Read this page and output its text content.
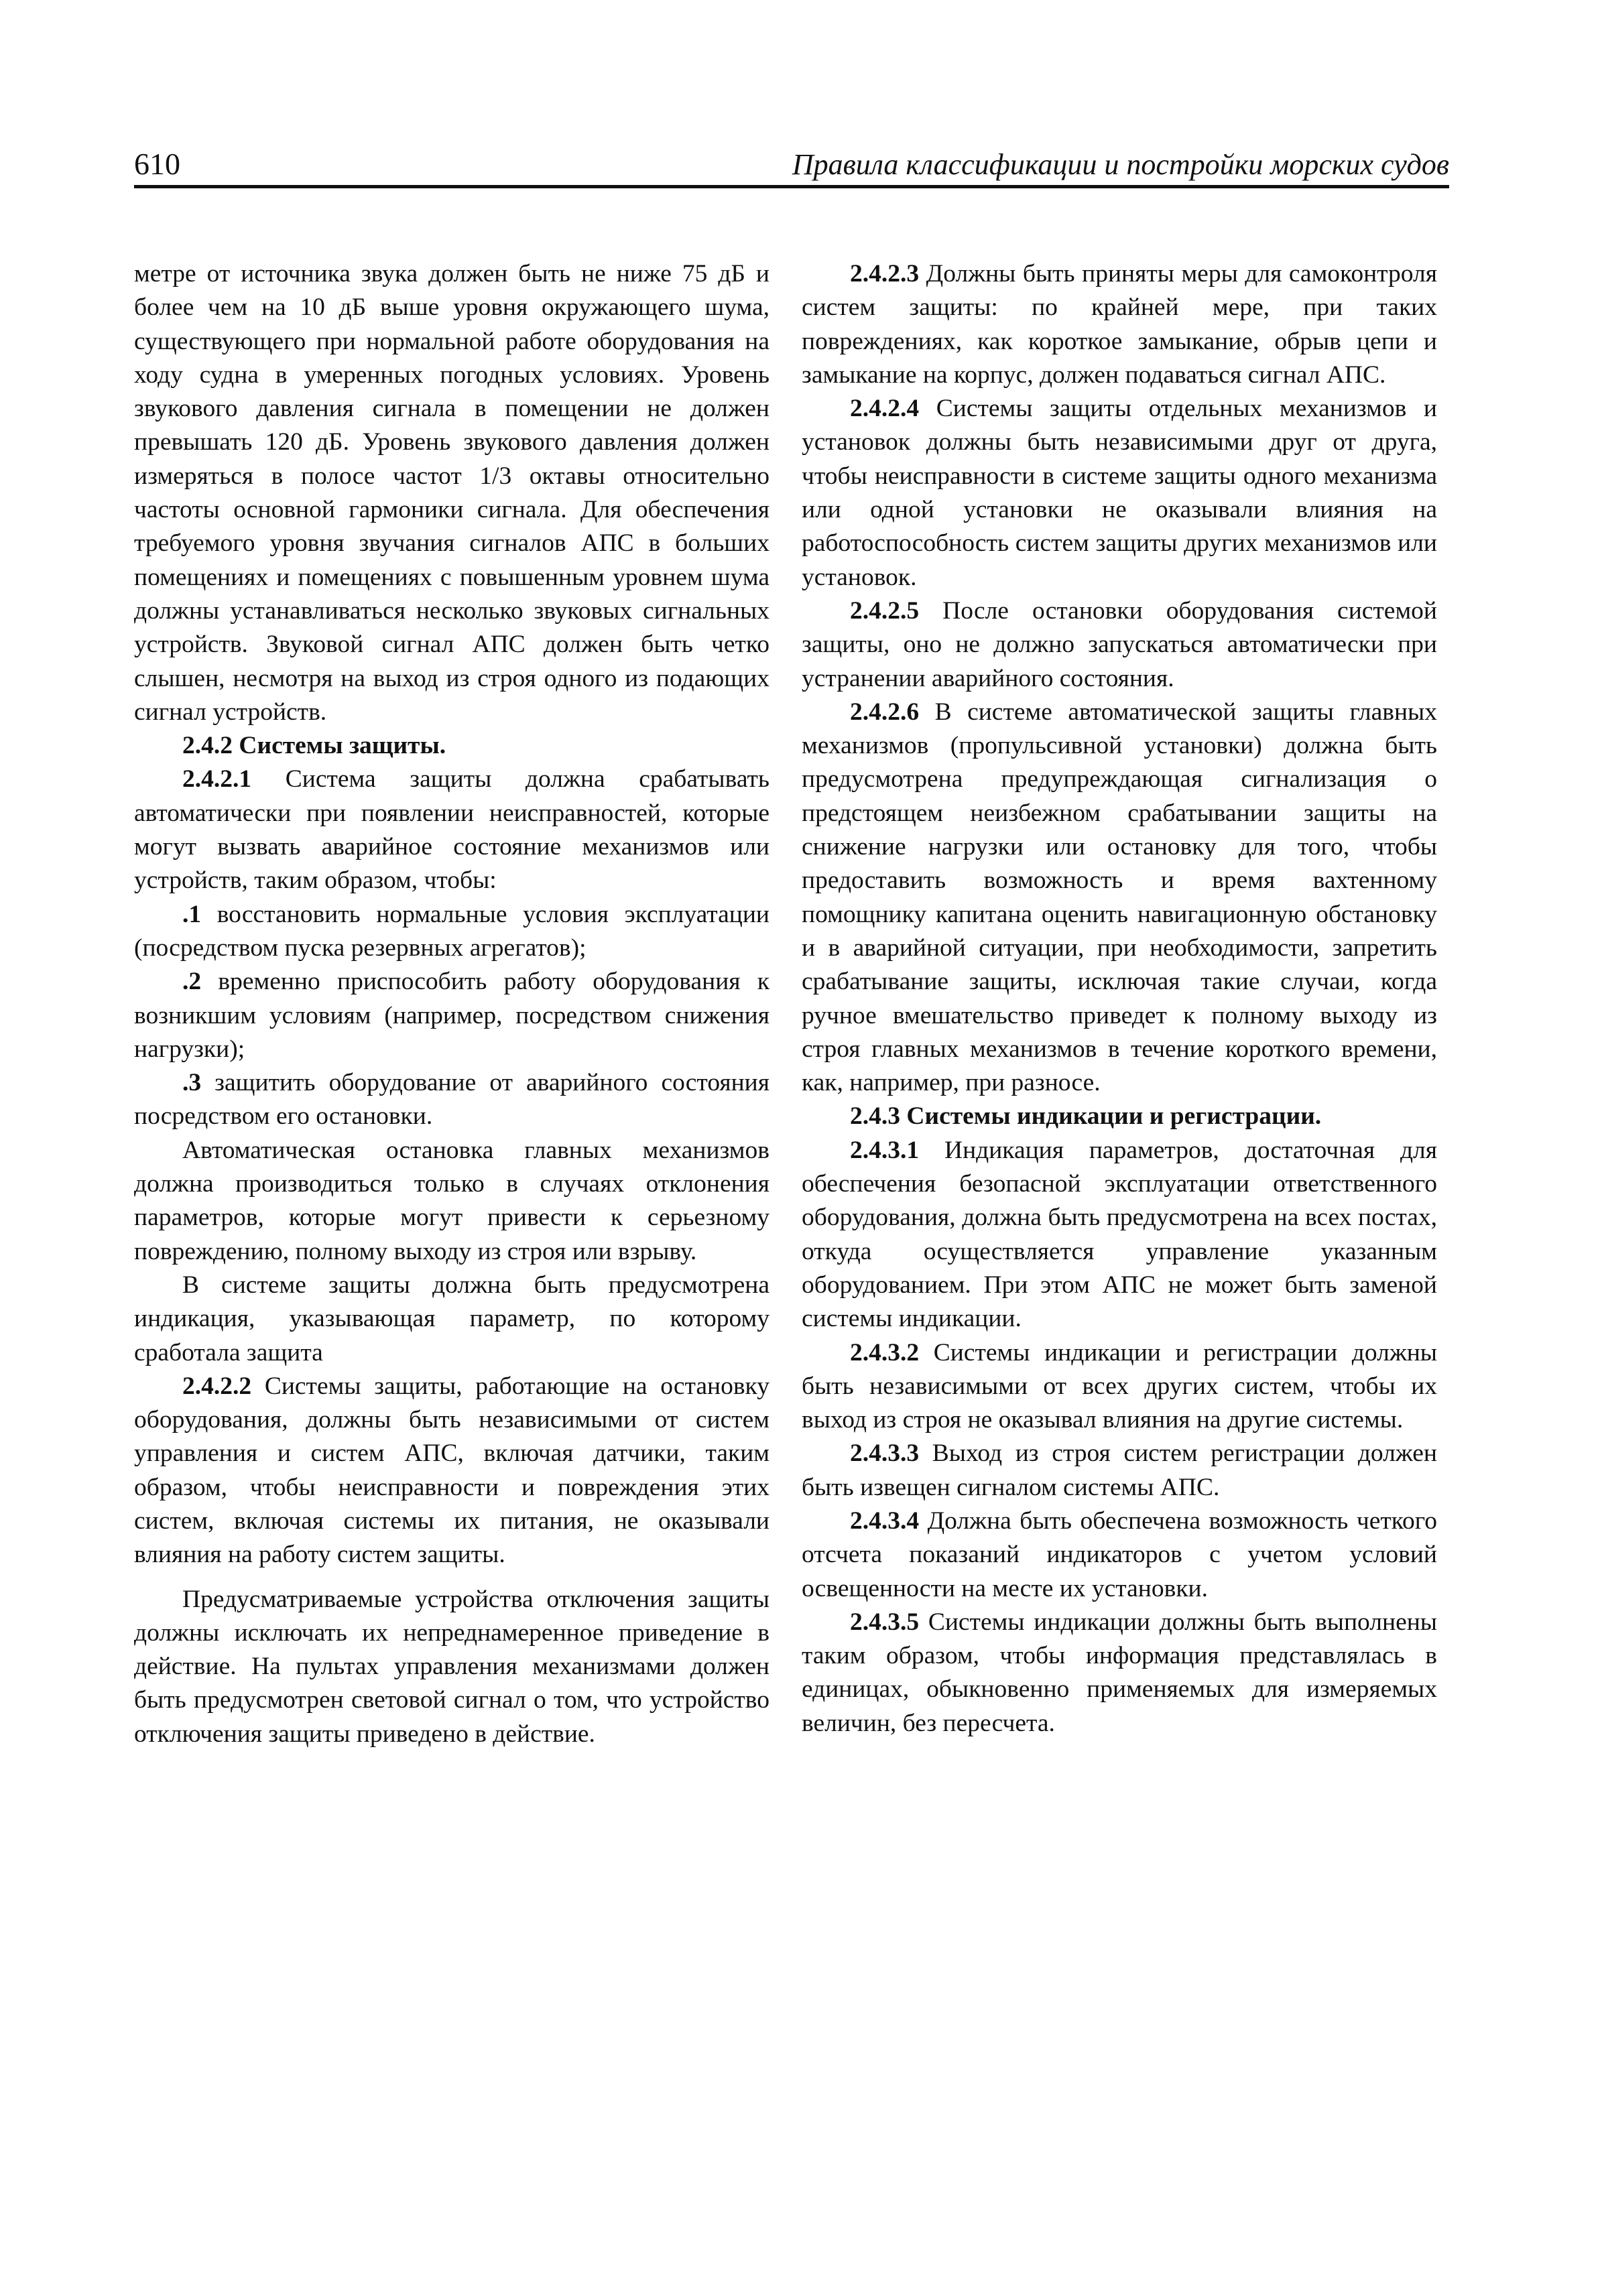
610	Правила классификации и постройки морских судов

метре от источника звука должен быть не ниже 75 дБ и более чем на 10 дБ выше уровня окружающего шума, существующего при нормальной работе оборудования на ходу судна в умеренных погодных условиях. Уровень звукового давления сигнала в помещении не должен превышать 120 дБ. Уровень звукового давления должен измеряться в полосе частот 1/3 октавы относительно частоты основной гармоники сигнала. Для обеспечения требуемого уровня звучания сигналов АПС в больших помещениях и помещениях с повышенным уровнем шума должны устанавливаться несколько звуковых сигнальных устройств. Звуковой сигнал АПС должен быть четко слышен, несмотря на выход из строя одного из подающих сигнал устройств.

2.4.2 Системы защиты.

2.4.2.1 Система защиты должна срабатывать автоматически при появлении неисправностей, которые могут вызвать аварийное состояние механизмов или устройств, таким образом, чтобы:

.1 восстановить нормальные условия эксплуатации (посредством пуска резервных агрегатов);

.2 временно приспособить работу оборудования к возникшим условиям (например, посредством снижения нагрузки);

.3 защитить оборудование от аварийного состояния посредством его остановки.

Автоматическая остановка главных механизмов должна производиться только в случаях отклонения параметров, которые могут привести к серьезному повреждению, полному выходу из строя или взрыву.

В системе защиты должна быть предусмотрена индикация, указывающая параметр, по которому сработала защита

2.4.2.2 Системы защиты, работающие на остановку оборудования, должны быть независимыми от систем управления и систем АПС, включая датчики, таким образом, чтобы неисправности и повреждения этих систем, включая системы их питания, не оказывали влияния на работу систем защиты.

Предусматриваемые устройства отключения защиты должны исключать их непреднамеренное приведение в действие. На пультах управления механизмами должен быть предусмотрен световой сигнал о том, что устройство отключения защиты приведено в действие.

2.4.2.3 Должны быть приняты меры для самоконтроля систем защиты: по крайней мере, при таких повреждениях, как короткое замыкание, обрыв цепи и замыкание на корпус, должен подаваться сигнал АПС.

2.4.2.4 Системы защиты отдельных механизмов и установок должны быть независимыми друг от друга, чтобы неисправности в системе защиты одного механизма или одной установки не оказывали влияния на работоспособность систем защиты других механизмов или установок.

2.4.2.5 После остановки оборудования системой защиты, оно не должно запускаться автоматически при устранении аварийного состояния.

2.4.2.6 В системе автоматической защиты главных механизмов (пропульсивной установки) должна быть предусмотрена предупреждающая сигнализация о предстоящем неизбежном срабатывании защиты на снижение нагрузки или остановку для того, чтобы предоставить возможность и время вахтенному помощнику капитана оценить навигационную обстановку и в аварийной ситуации, при необходимости, запретить срабатывание защиты, исключая такие случаи, когда ручное вмешательство приведет к полному выходу из строя главных механизмов в течение короткого времени, как, например, при разносе.

2.4.3 Системы индикации и регистрации.

2.4.3.1 Индикация параметров, достаточная для обеспечения безопасной эксплуатации ответственного оборудования, должна быть предусмотрена на всех постах, откуда осуществляется управление указанным оборудованием. При этом АПС не может быть заменой системы индикации.

2.4.3.2 Системы индикации и регистрации должны быть независимыми от всех других систем, чтобы их выход из строя не оказывал влияния на другие системы.

2.4.3.3 Выход из строя систем регистрации должен быть извещен сигналом системы АПС.

2.4.3.4 Должна быть обеспечена возможность четкого отсчета показаний индикаторов с учетом условий освещенности на месте их установки.

2.4.3.5 Системы индикации должны быть выполнены таким образом, чтобы информация представлялась в единицах, обыкновенно применяемых для измеряемых величин, без пересчета.
